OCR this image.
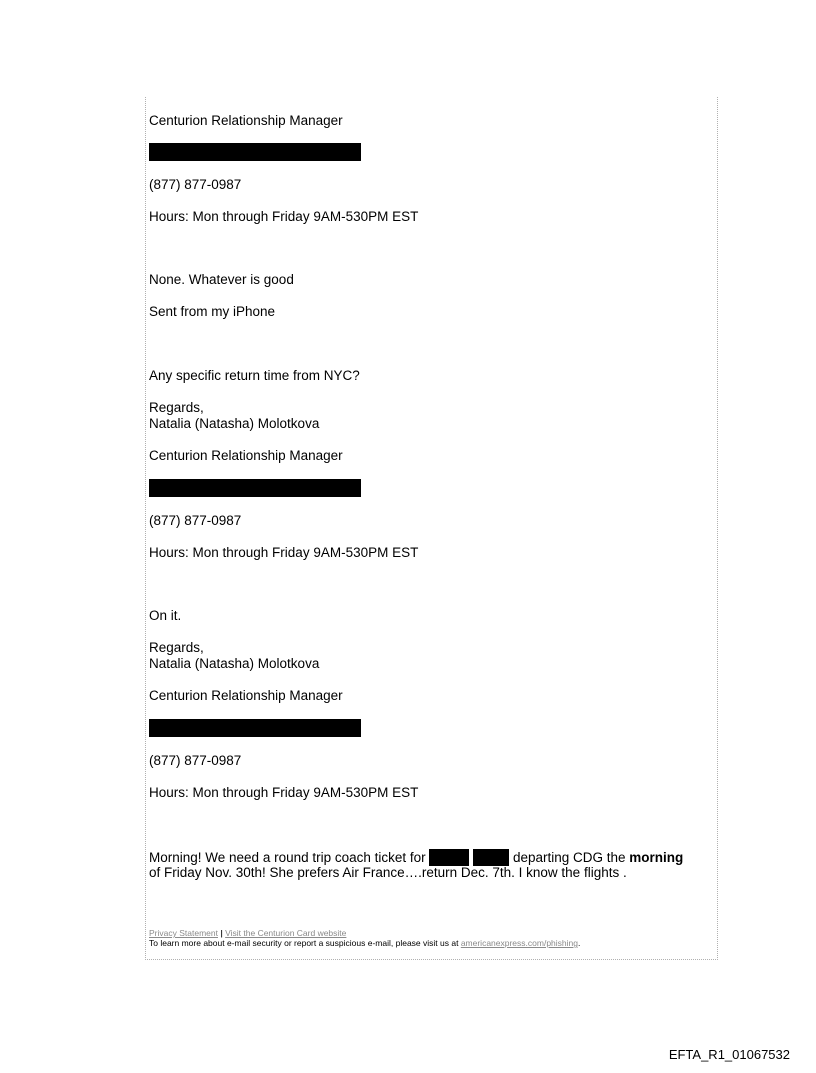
Centurion Relationship Manager
(877) 877-0987
Hours: Mon through Friday 9AM-530PM EST
None. Whatever is good
Sent from my iPhone
Any specific return time from NYC?
Regards,
Natalia (Natasha) Molotkova
Centurion Relationship Manager
(877) 877-0987
Hours: Mon through Friday 9AM-530PM EST
On it.
Regards,
Natalia (Natasha) Molotkova
Centurion Relationship Manager
(877) 877-0987
Hours: Mon through Friday 9AM-530PM EST
Morning! We need a round trip coach ticket for	departing CDG the morning
of Friday Nov. 30th! She prefers Air France….return Dec. 7th. I know the flights .
Privacy Statement | Visit the Centurion Card website
To learn more about e-mail security or report a suspicious e-mail, please visit us at americanexpress.com/phishing.
EFTA_R1_01067532
